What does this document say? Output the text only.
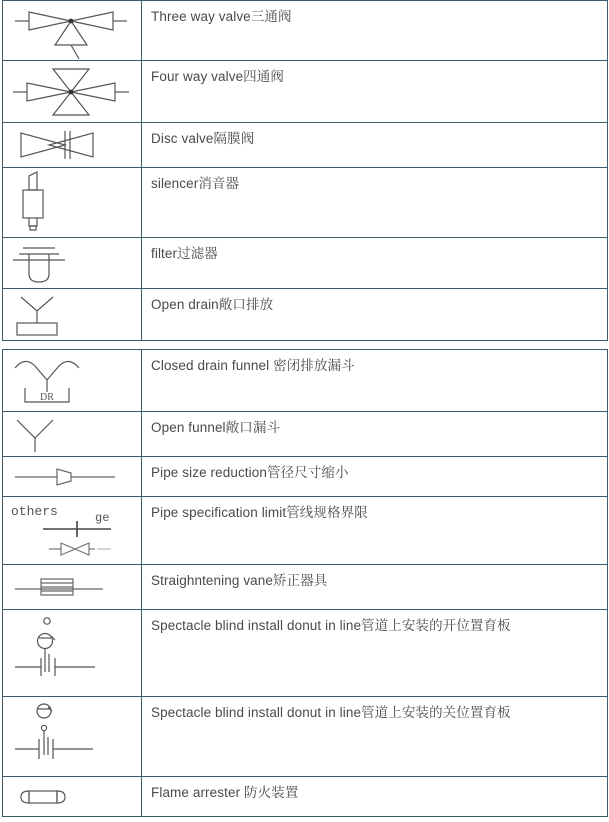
Three way valve三通阀

Four way valve四通阀

Disc valve隔膜阀

silencer消音器

filter过滤器

Open drain敞口排放
DR	Closed drain funnel 密闭排放漏斗

Open funnel敞口漏斗

Pipe size reduction管径尺寸缩小

others ge	Pipe specification limit管线规格界限

Straighntening vane矫正器具

Spectacle blind install donut in line管道上安装的开位置育板

Spectacle blind install donut in line管道上安装的关位置育板

Flame arrester 防火装置
